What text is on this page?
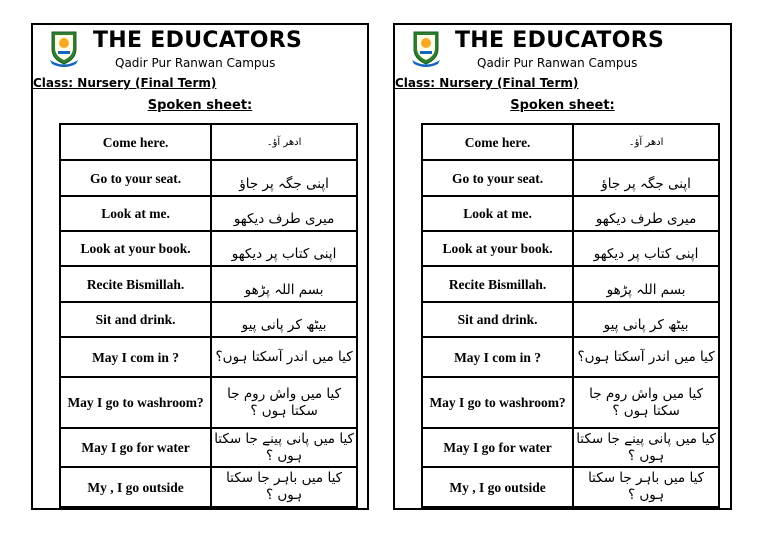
THE EDUCATORS
Qadir Pur Ranwan Campus
Class: Nursery (Final Term)
Spoken sheet:
Come here.	ادھر آؤ۔
Go to your seat.	اپنی جگہ پر جاؤ
Look at me.	میری طرف دیکھو
Look at your book.	اپنی کتاب پر دیکھو
Recite Bismillah.	بسم اللہ پڑھو
Sit and drink.	بیٹھ کر پانی پیو
May I com in ?	کیا میں اندر آسکتا ہوں؟
May I go to washroom?	کیا میں واش روم جا سکتا ہوں ؟
May I go for water	کیا میں پانی پینے جا سکتا ہوں ؟
My , I go outside	کیا میں باہر جا سکتا ہوں ؟
THE EDUCATORS
Qadir Pur Ranwan Campus
Class: Nursery (Final Term)
Spoken sheet:
Come here.	ادھر آؤ۔
Go to your seat.	اپنی جگہ پر جاؤ
Look at me.	میری طرف دیکھو
Look at your book.	اپنی کتاب پر دیکھو
Recite Bismillah.	بسم اللہ پڑھو
Sit and drink.	بیٹھ کر پانی پیو
May I com in ?	کیا میں اندر آسکتا ہوں؟
May I go to washroom?	کیا میں واش روم جا سکتا ہوں ؟
May I go for water	کیا میں پانی پینے جا سکتا ہوں ؟
My , I go outside	کیا میں باہر جا سکتا ہوں ؟
